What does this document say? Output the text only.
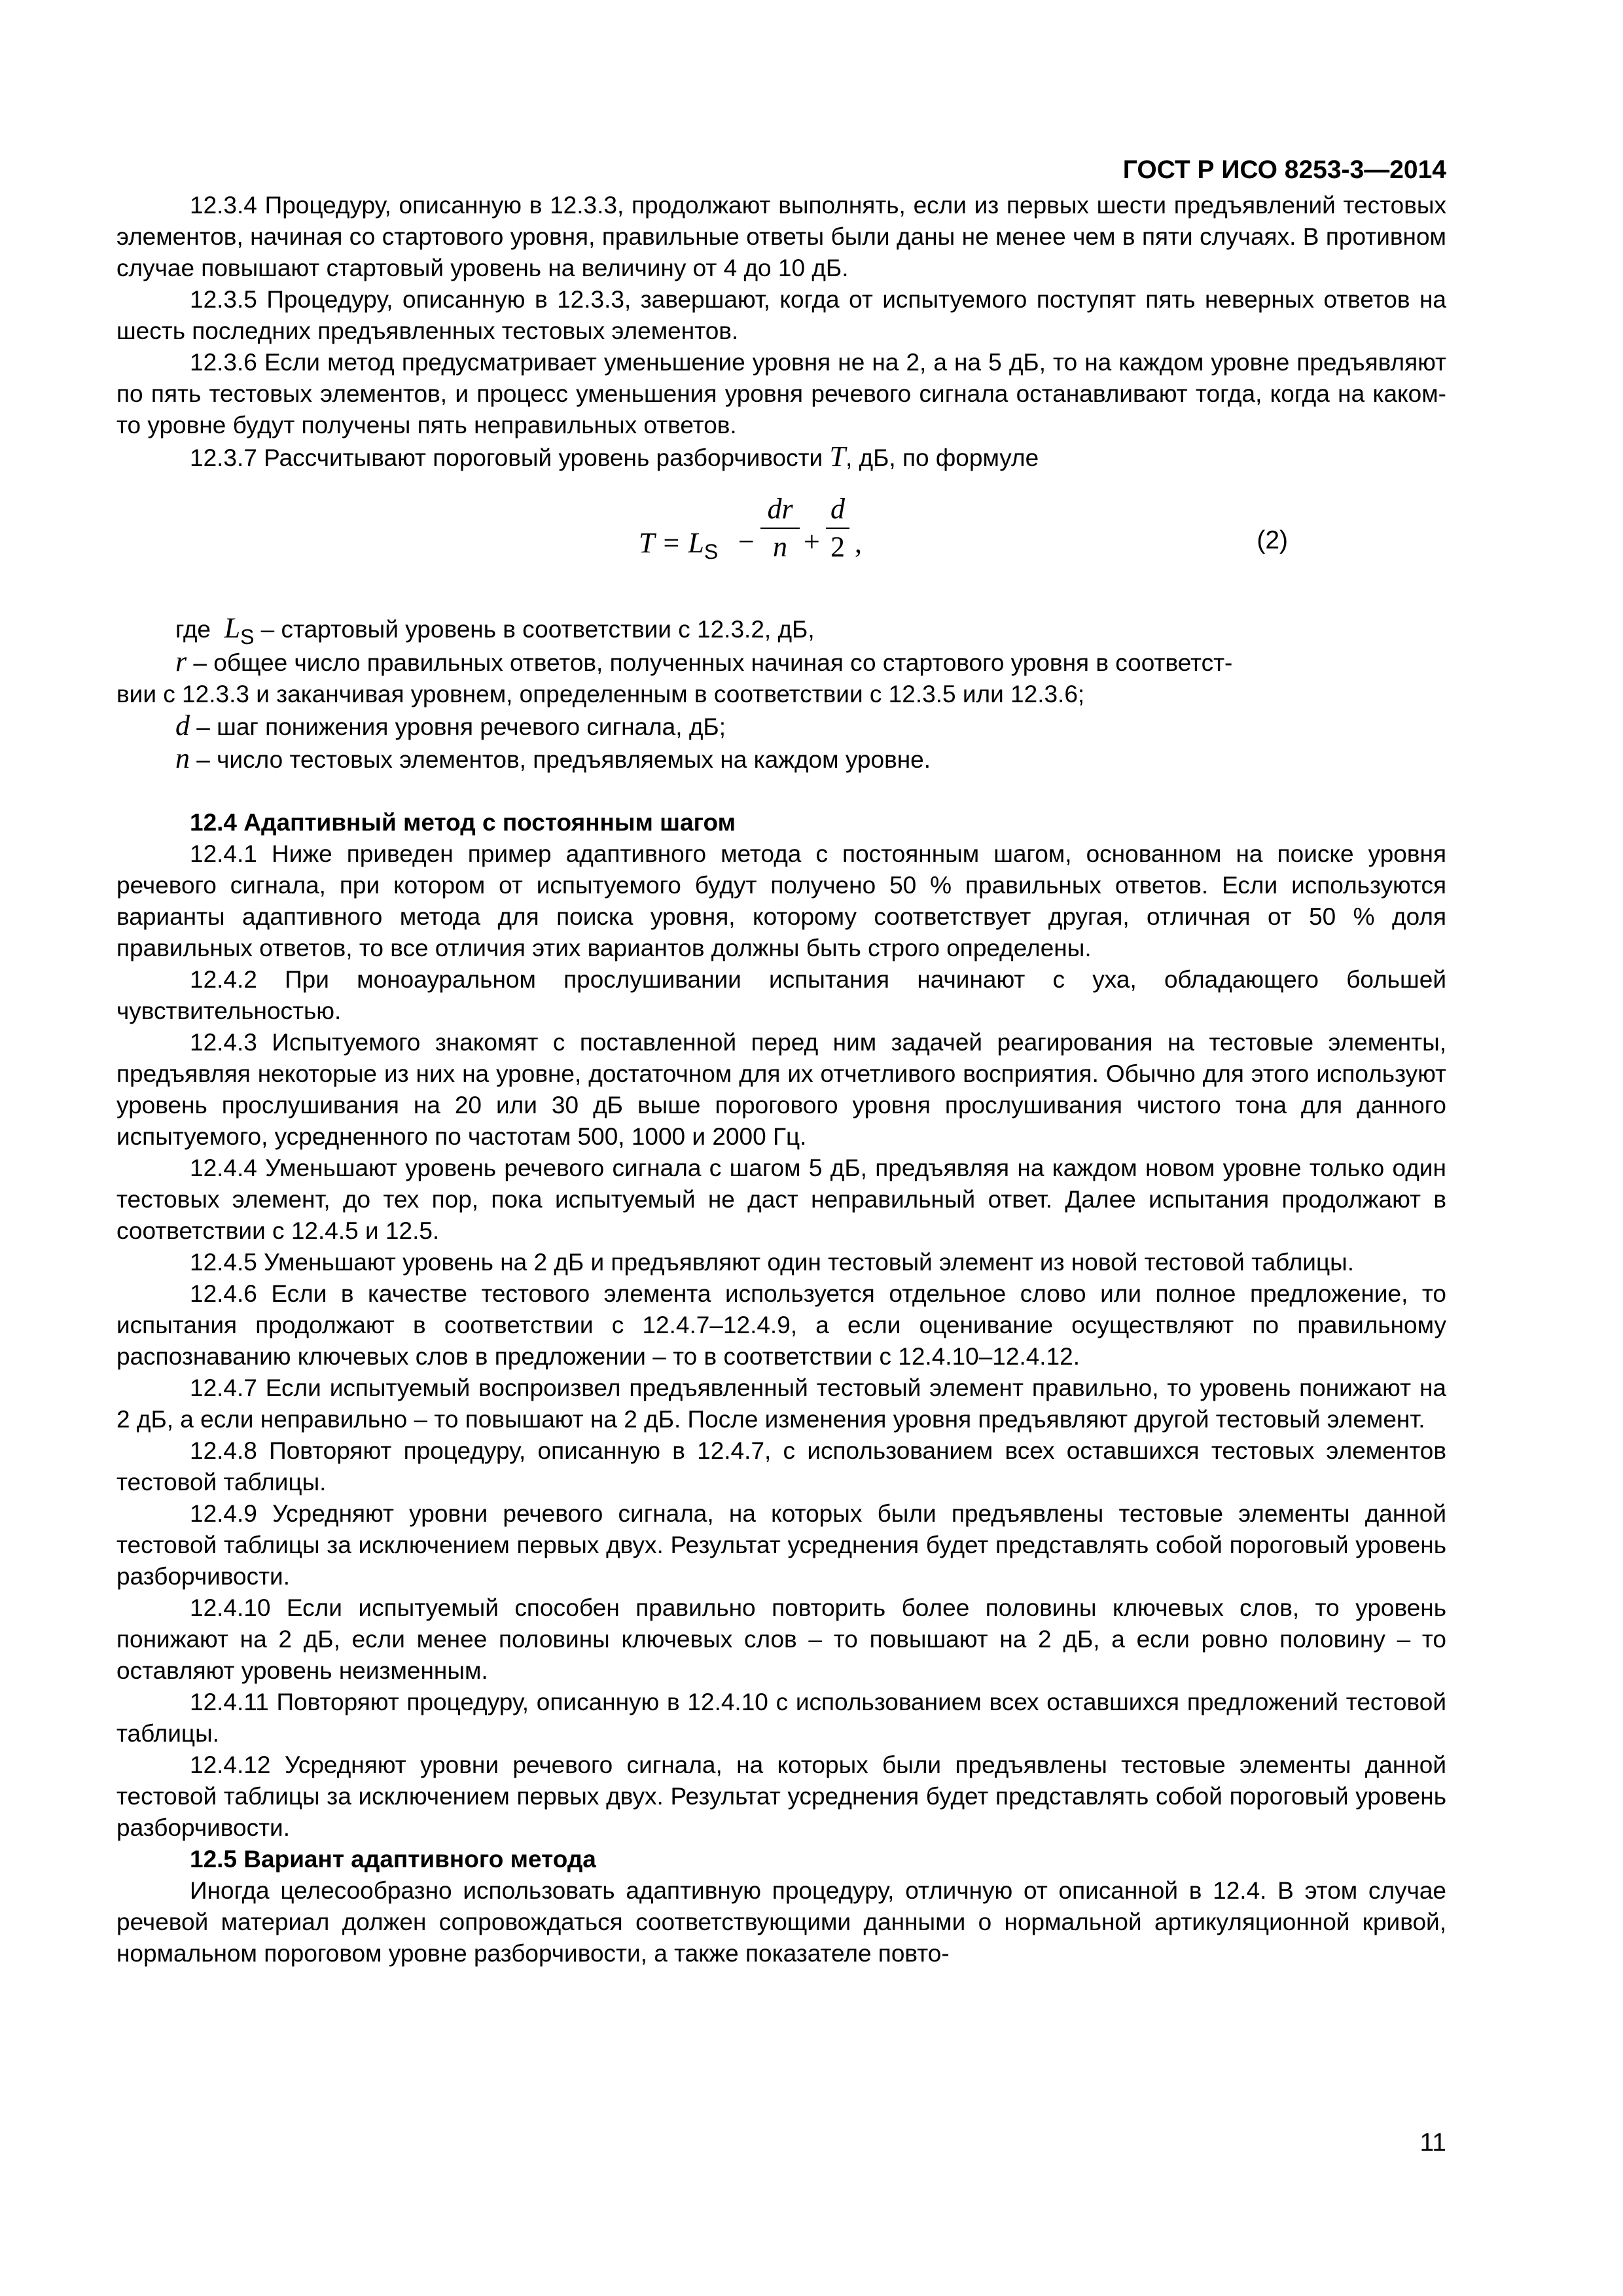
ГОСТ Р ИСО 8253-3—2014

12.3.4 Процедуру, описанную в 12.3.3, продолжают выполнять, если из первых шести предъявлений тестовых элементов, начиная со стартового уровня, правильные ответы были даны не менее чем в пяти случаях. В противном случае повышают стартовый уровень на величину от 4 до 10 дБ.

12.3.5 Процедуру, описанную в 12.3.3, завершают, когда от испытуемого поступят пять неверных ответов на шесть последних предъявленных тестовых элементов.

12.3.6 Если метод предусматривает уменьшение уровня не на 2, а на 5 дБ, то на каждом уровне предъявляют по пять тестовых элементов, и процесс уменьшения уровня речевого сигнала останавливают тогда, когда на каком-то уровне будут получены пять неправильных ответов.

12.3.7 Рассчитывают пороговый уровень разборчивости T, дБ, по формуле

$T = L_S$ −
dr
n +
d
2 ,	(2)
где LS – стартовый уровень в соответствии с 12.3.2, дБ,
r – общее число правильных ответов, полученных начиная со стартового уровня в соответст-
вии с 12.3.3 и заканчивая уровнем, определенным в соответствии с 12.3.5 или 12.3.6;
d – шаг понижения уровня речевого сигнала, дБ;
n – число тестовых элементов, предъявляемых на каждом уровне.

12.4 Адаптивный метод с постоянным шагом

12.4.1 Ниже приведен пример адаптивного метода с постоянным шагом, основанном на поиске уровня речевого сигнала, при котором от испытуемого будут получено 50 % правильных ответов. Если используются варианты адаптивного метода для поиска уровня, которому соответствует другая, отличная от 50 % доля правильных ответов, то все отличия этих вариантов должны быть строго определены.

12.4.2 При моноауральном прослушивании испытания начинают с уха, обладающего большей чувствительностью.

12.4.3 Испытуемого знакомят с поставленной перед ним задачей реагирования на тестовые элементы, предъявляя некоторые из них на уровне, достаточном для их отчетливого восприятия. Обычно для этого используют уровень прослушивания на 20 или 30 дБ выше порогового уровня прослушивания чистого тона для данного испытуемого, усредненного по частотам 500, 1000 и 2000 Гц.

12.4.4 Уменьшают уровень речевого сигнала с шагом 5 дБ, предъявляя на каждом новом уровне только один тестовых элемент, до тех пор, пока испытуемый не даст неправильный ответ. Далее испытания продолжают в соответствии с 12.4.5 и 12.5.

12.4.5 Уменьшают уровень на 2 дБ и предъявляют один тестовый элемент из новой тестовой таблицы.

12.4.6 Если в качестве тестового элемента используется отдельное слово или полное предложение, то испытания продолжают в соответствии с 12.4.7–12.4.9, а если оценивание осуществляют по правильному распознаванию ключевых слов в предложении – то в соответствии с 12.4.10–12.4.12.

12.4.7 Если испытуемый воспроизвел предъявленный тестовый элемент правильно, то уровень понижают на 2 дБ, а если неправильно – то повышают на 2 дБ. После изменения уровня предъявляют другой тестовый элемент.

12.4.8 Повторяют процедуру, описанную в 12.4.7, с использованием всех оставшихся тестовых элементов тестовой таблицы.

12.4.9 Усредняют уровни речевого сигнала, на которых были предъявлены тестовые элементы данной тестовой таблицы за исключением первых двух. Результат усреднения будет представлять собой пороговый уровень разборчивости.

12.4.10 Если испытуемый способен правильно повторить более половины ключевых слов, то уровень понижают на 2 дБ, если менее половины ключевых слов – то повышают на 2 дБ, а если ровно половину – то оставляют уровень неизменным.

12.4.11 Повторяют процедуру, описанную в 12.4.10 с использованием всех оставшихся предложений тестовой таблицы.

12.4.12 Усредняют уровни речевого сигнала, на которых были предъявлены тестовые элементы данной тестовой таблицы за исключением первых двух. Результат усреднения будет представлять собой пороговый уровень разборчивости.

12.5 Вариант адаптивного метода

Иногда целесообразно использовать адаптивную процедуру, отличную от описанной в 12.4. В этом случае речевой материал должен сопровождаться соответствующими данными о нормальной артикуляционной кривой, нормальном пороговом уровне разборчивости, а также показателе повто-

11
